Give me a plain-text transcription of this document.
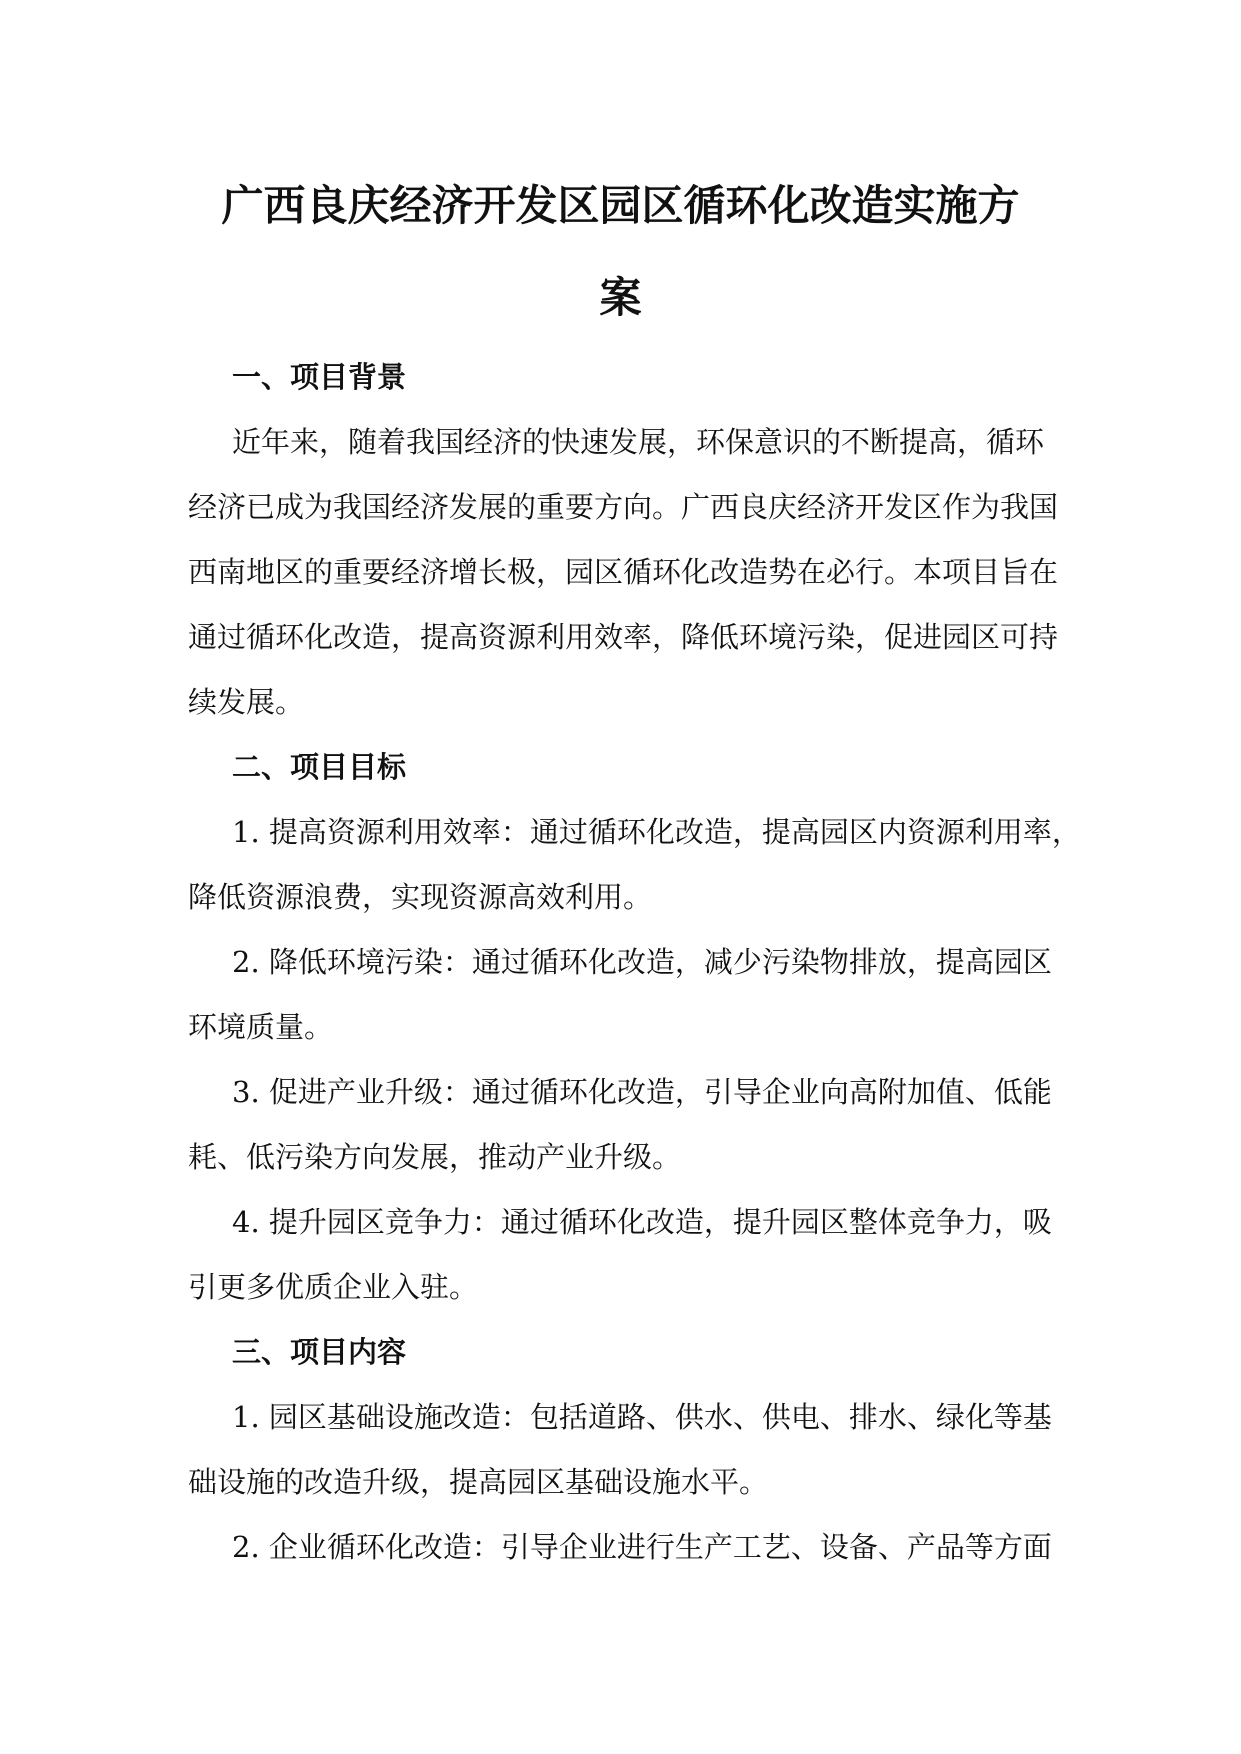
广西良庆经济开发区园区循环化改造实施方
案
一、项目背景

近年来，随着我国经济的快速发展，环保意识的不断提高，循环

经济已成为我国经济发展的重要方向。广西良庆经济开发区作为我国

西南地区的重要经济增长极，园区循环化改造势在必行。本项目旨在

通过循环化改造，提高资源利用效率，降低环境污染，促进园区可持

续发展。

二、项目目标

1. 提高资源利用效率：通过循环化改造，提高园区内资源利用率，

降低资源浪费，实现资源高效利用。

2. 降低环境污染：通过循环化改造，减少污染物排放，提高园区

环境质量。

3. 促进产业升级：通过循环化改造，引导企业向高附加值、低能

耗、低污染方向发展，推动产业升级。

4. 提升园区竞争力：通过循环化改造，提升园区整体竞争力，吸

引更多优质企业入驻。

三、项目内容

1. 园区基础设施改造：包括道路、供水、供电、排水、绿化等基

础设施的改造升级，提高园区基础设施水平。

2. 企业循环化改造：引导企业进行生产工艺、设备、产品等方面
